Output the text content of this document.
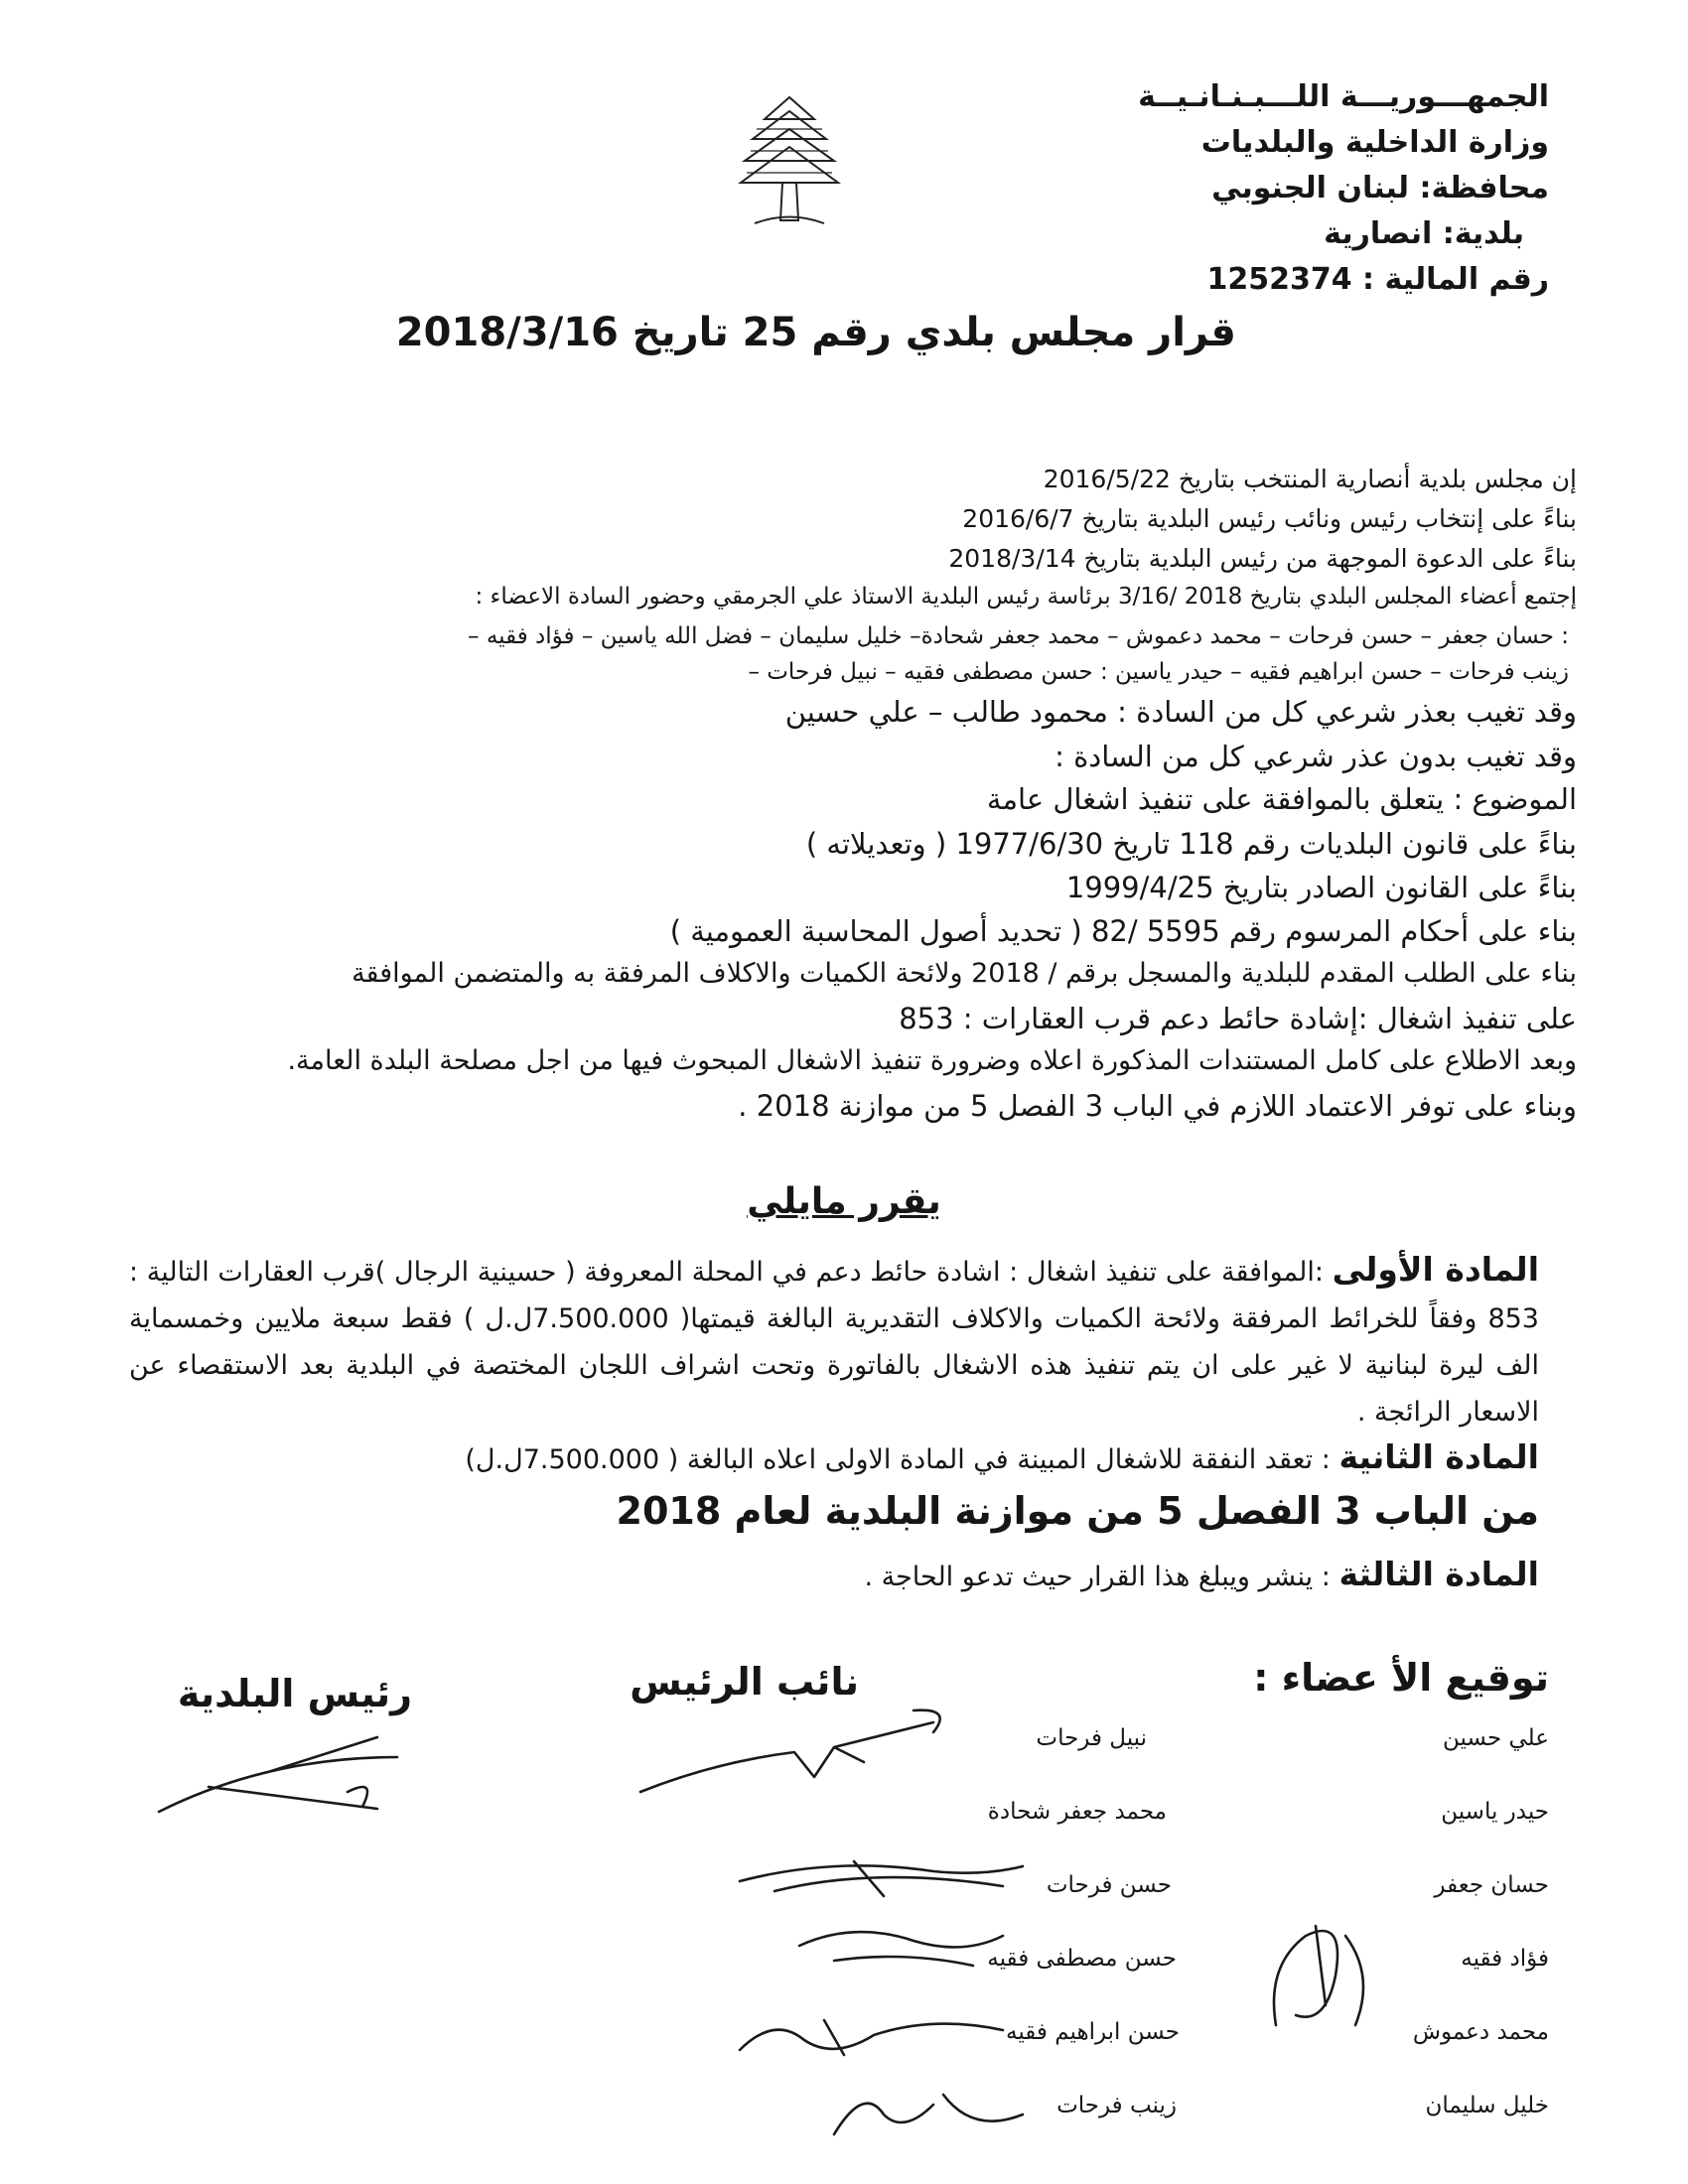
الجمهـــوريـــة اللـــبـنـانـيــة
وزارة الداخلية والبلديات
محافظة: لبنان الجنوبي
بلدية: انصارية
رقم المالية : 1252374
قرار مجلس بلدي رقم 25 تاريخ 2018/3/16
إن مجلس بلدية أنصارية المنتخب بتاريخ 2016/5/22
بناءً على إنتخاب رئيس ونائب رئيس البلدية بتاريخ 2016/6/7
بناءً على الدعوة الموجهة من رئيس البلدية بتاريخ 2018/3/14
إجتمع أعضاء المجلس البلدي بتاريخ 2018 /3/16 برئاسة رئيس البلدية الاستاذ علي الجرمقي وحضور السادة الاعضاء :
: حسان جعفر – حسن فرحات – محمد دعموش – محمد جعفر شحادة– خليل سليمان – فضل الله ياسين – فؤاد فقيه –
زينب فرحات – حسن ابراهيم فقيه – حيدر ياسين : حسن مصطفى فقيه – نبيل فرحات –
وقد تغيب بعذر شرعي كل من السادة : محمود طالب – علي حسين
وقد تغيب بدون عذر شرعي كل من السادة :
الموضوع : يتعلق بالموافقة على تنفيذ اشغال عامة
بناءً على قانون البلديات رقم 118 تاريخ 1977/6/30 ( وتعديلاته )
بناءً على القانون الصادر بتاريخ 1999/4/25
بناء على أحكام المرسوم رقم 5595 /82 ( تحديد أصول المحاسبة العمومية )
بناء على الطلب المقدم للبلدية والمسجل برقم / 2018 ولائحة الكميات والاكلاف المرفقة به والمتضمن الموافقة
على تنفيذ اشغال :إشادة حائط دعم قرب العقارات : 853
وبعد الاطلاع على كامل المستندات المذكورة اعلاه وضرورة تنفيذ الاشغال المبحوث فيها من اجل مصلحة البلدة العامة.
وبناء على توفر الاعتماد اللازم في الباب 3 الفصل 5 من موازنة 2018 .
يقرر مايلي
المادة الأولى :الموافقة على تنفيذ اشغال : اشادة حائط دعم في المحلة المعروفة ( حسينية الرجال )قرب العقارات التالية : 853 وفقاً للخرائط المرفقة ولائحة الكميات والاكلاف التقديرية البالغة قيمتها( 7.500.000ل.ل ) فقط سبعة ملايين وخمسماية الف ليرة لبنانية لا غير على ان يتم تنفيذ هذه الاشغال بالفاتورة وتحت اشراف اللجان المختصة في البلدية بعد الاستقصاء عن الاسعار الرائجة .
المادة الثانية : تعقد النفقة للاشغال المبينة في المادة الاولى اعلاه البالغة ( 7.500.000ل.ل)
من الباب 3 الفصل 5 من موازنة البلدية لعام 2018
المادة الثالثة : ينشر ويبلغ هذا القرار حيث تدعو الحاجة .
توقيع الأ عضاء :
نائب الرئيس
رئيس البلدية
علي حسين
حيدر ياسين
حسان جعفر
فؤاد فقيه
محمد دعموش
خليل سليمان
نبيل فرحات
محمد جعفر شحادة
حسن فرحات
حسن مصطفى فقيه
حسن ابراهيم فقيه
زينب فرحات
